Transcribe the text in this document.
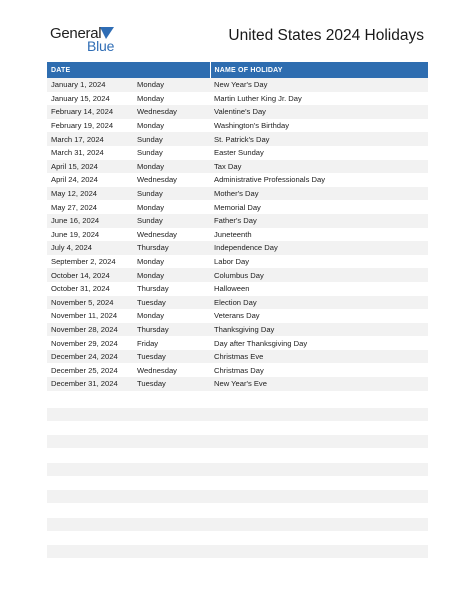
General
Blue
United States 2024 Holidays
DATE		NAME OF HOLIDAY
January 1, 2024	Monday	New Year's Day
January 15, 2024	Monday	Martin Luther King Jr. Day
February 14, 2024	Wednesday	Valentine's Day
February 19, 2024	Monday	Washington's Birthday
March 17, 2024	Sunday	St. Patrick's Day
March 31, 2024	Sunday	Easter Sunday
April 15, 2024	Monday	Tax Day
April 24, 2024	Wednesday	Administrative Professionals Day
May 12, 2024	Sunday	Mother's Day
May 27, 2024	Monday	Memorial Day
June 16, 2024	Sunday	Father's Day
June 19, 2024	Wednesday	Juneteenth
July 4, 2024	Thursday	Independence Day
September 2, 2024	Monday	Labor Day
October 14, 2024	Monday	Columbus Day
October 31, 2024	Thursday	Halloween
November 5, 2024	Tuesday	Election Day
November 11, 2024	Monday	Veterans Day
November 28, 2024	Thursday	Thanksgiving Day
November 29, 2024	Friday	Day after Thanksgiving Day
December 24, 2024	Tuesday	Christmas Eve
December 25, 2024	Wednesday	Christmas Day
December 31, 2024	Tuesday	New Year's Eve
